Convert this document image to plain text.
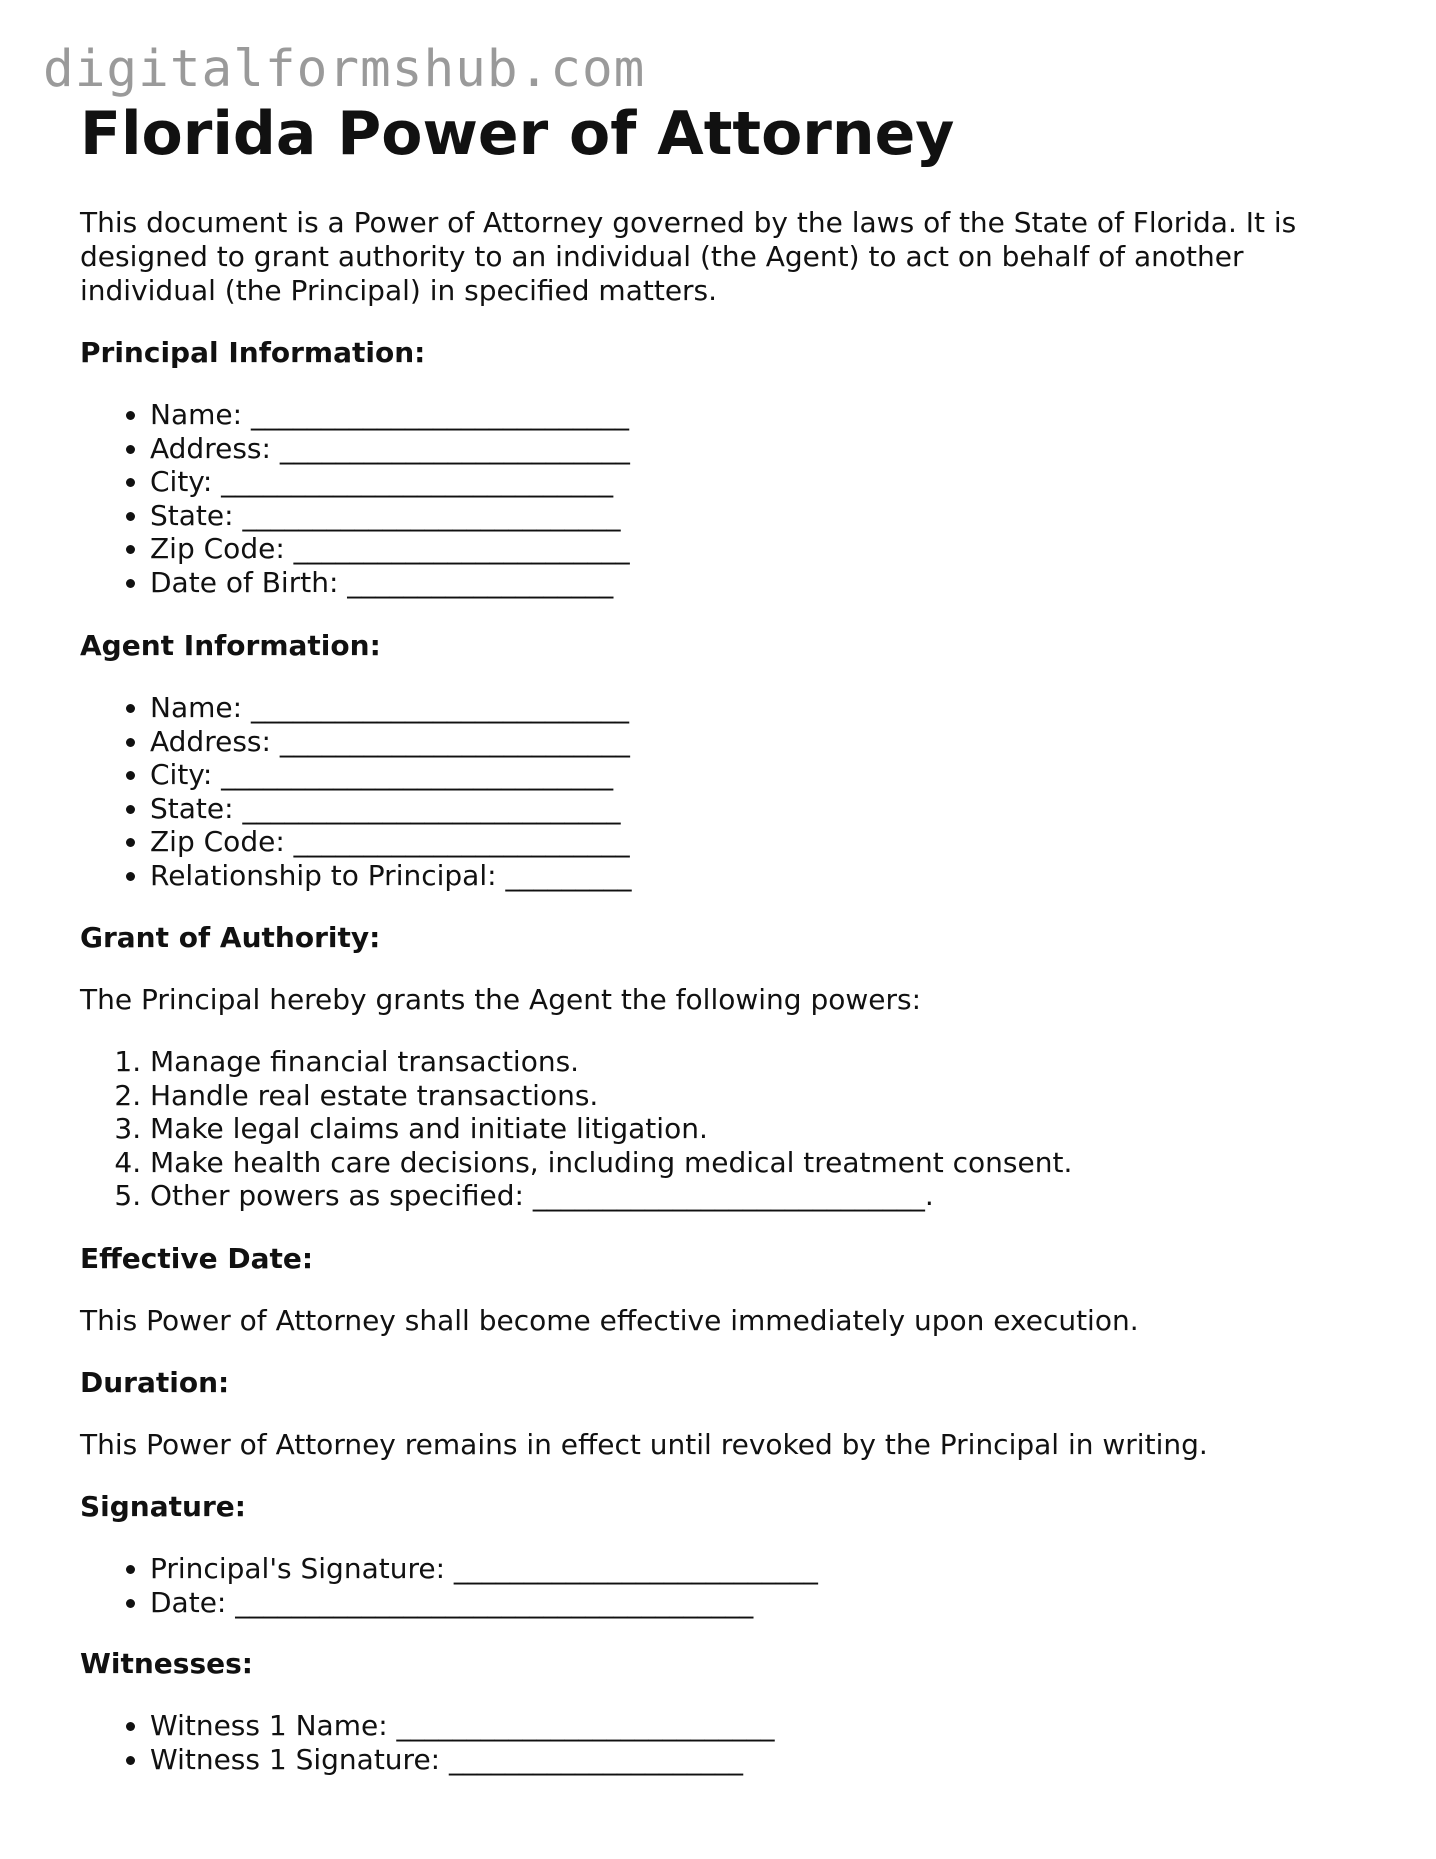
digitalformshub.com
Florida Power of Attorney

This document is a Power of Attorney governed by the laws of the State of Florida. It is designed to grant authority to an individual (the Agent) to act on behalf of another individual (the Principal) in specified matters.

Principal Information:
• Name: ___________________________
• Address: _________________________
• City: ____________________________
• State: ___________________________
• Zip Code: ________________________
• Date of Birth: ___________________
Agent Information:
• Name: ___________________________
• Address: _________________________
• City: ____________________________
• State: ___________________________
• Zip Code: ________________________
• Relationship to Principal: _________
Grant of Authority:

The Principal hereby grants the Agent the following powers:

1. Manage financial transactions.
2. Handle real estate transactions.
3. Make legal claims and initiate litigation.
4. Make health care decisions, including medical treatment consent.
5. Other powers as specified: ____________________________.
Effective Date:

This Power of Attorney shall become effective immediately upon execution.

Duration:

This Power of Attorney remains in effect until revoked by the Principal in writing.

Signature:
• Principal's Signature: __________________________
• Date: _____________________________________
Witnesses:
• Witness 1 Name: ___________________________
• Witness 1 Signature: _____________________
